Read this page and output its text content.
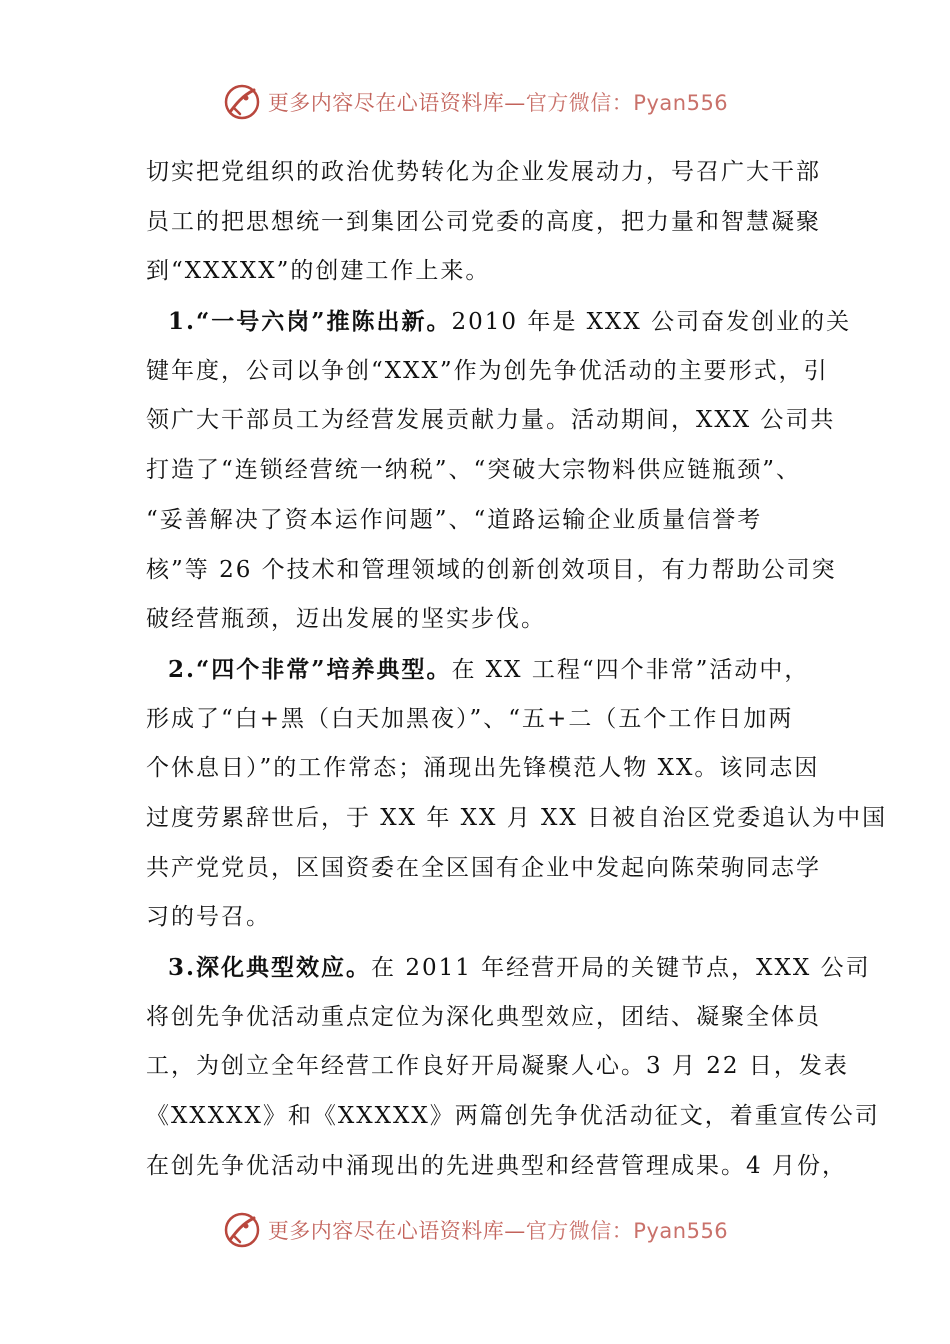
更多内容尽在心语资料库—官方微信：Pyan556
切实把党组织的政治优势转化为企业发展动力，号召广大干部
员工的把思想统一到集团公司党委的高度，把力量和智慧凝聚
到“XXXXX”的创建工作上来。
1.“一号六岗”推陈出新。2010 年是 XXX 公司奋发创业的关
键年度，公司以争创“XXX”作为创先争优活动的主要形式，引
领广大干部员工为经营发展贡献力量。活动期间，XXX 公司共
打造了“连锁经营统一纳税”、“突破大宗物料供应链瓶颈”、
“妥善解决了资本运作问题”、“道路运输企业质量信誉考
核”等 26 个技术和管理领域的创新创效项目，有力帮助公司突
破经营瓶颈，迈出发展的坚实步伐。
2.“四个非常”培养典型。在 XX 工程“四个非常”活动中，
形成了“白+黑（白天加黑夜）”、“五+二（五个工作日加两
个休息日）”的工作常态；涌现出先锋模范人物 XX。该同志因
过度劳累辞世后，于 XX 年 XX 月 XX 日被自治区党委追认为中国
共产党党员，区国资委在全区国有企业中发起向陈荣驹同志学
习的号召。
3.深化典型效应。在 2011 年经营开局的关键节点，XXX 公司
将创先争优活动重点定位为深化典型效应，团结、凝聚全体员
工，为创立全年经营工作良好开局凝聚人心。3 月 22 日，发表
《XXXXX》和《XXXXX》两篇创先争优活动征文，着重宣传公司
在创先争优活动中涌现出的先进典型和经营管理成果。4 月份，
更多内容尽在心语资料库—官方微信：Pyan556
